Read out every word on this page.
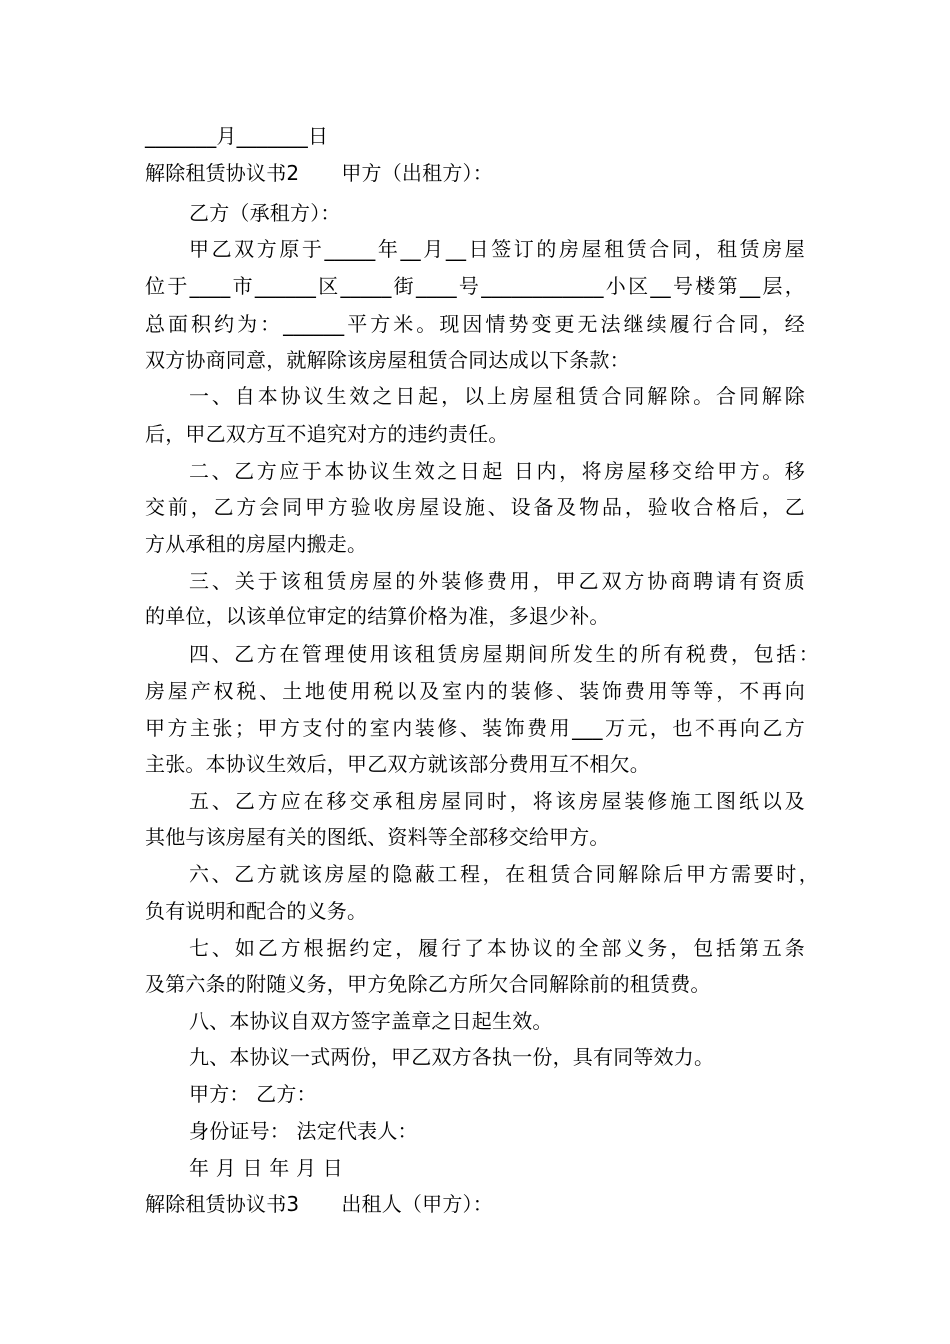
_______月_______日
解除租赁协议书2 甲方（出租方）：
乙方（承租方）：
甲乙双方原于_____年__月__日签订的房屋租赁合同，租赁房屋
位于____市______区_____街____号____________小区__号楼第__层，
总面积约为：______平方米。现因情势变更无法继续履行合同，经
双方协商同意，就解除该房屋租赁合同达成以下条款：
一、自本协议生效之日起，以上房屋租赁合同解除。合同解除
后，甲乙双方互不追究对方的违约责任。
二、乙方应于本协议生效之日起 日内，将房屋移交给甲方。移
交前，乙方会同甲方验收房屋设施、设备及物品，验收合格后，乙
方从承租的房屋内搬走。
三、关于该租赁房屋的外装修费用，甲乙双方协商聘请有资质
的单位，以该单位审定的结算价格为准，多退少补。
四、乙方在管理使用该租赁房屋期间所发生的所有税费，包括：
房屋产权税、土地使用税以及室内的装修、装饰费用等等，不再向
甲方主张；甲方支付的室内装修、装饰费用___万元，也不再向乙方
主张。本协议生效后，甲乙双方就该部分费用互不相欠。
五、乙方应在移交承租房屋同时，将该房屋装修施工图纸以及
其他与该房屋有关的图纸、资料等全部移交给甲方。
六、乙方就该房屋的隐蔽工程，在租赁合同解除后甲方需要时，
负有说明和配合的义务。
七、如乙方根据约定，履行了本协议的全部义务，包括第五条
及第六条的附随义务，甲方免除乙方所欠合同解除前的租赁费。
八、本协议自双方签字盖章之日起生效。
九、本协议一式两份，甲乙双方各执一份，具有同等效力。
甲方： 乙方：
身份证号： 法定代表人：
年 月 日 年 月 日
解除租赁协议书3 出租人（甲方）：
